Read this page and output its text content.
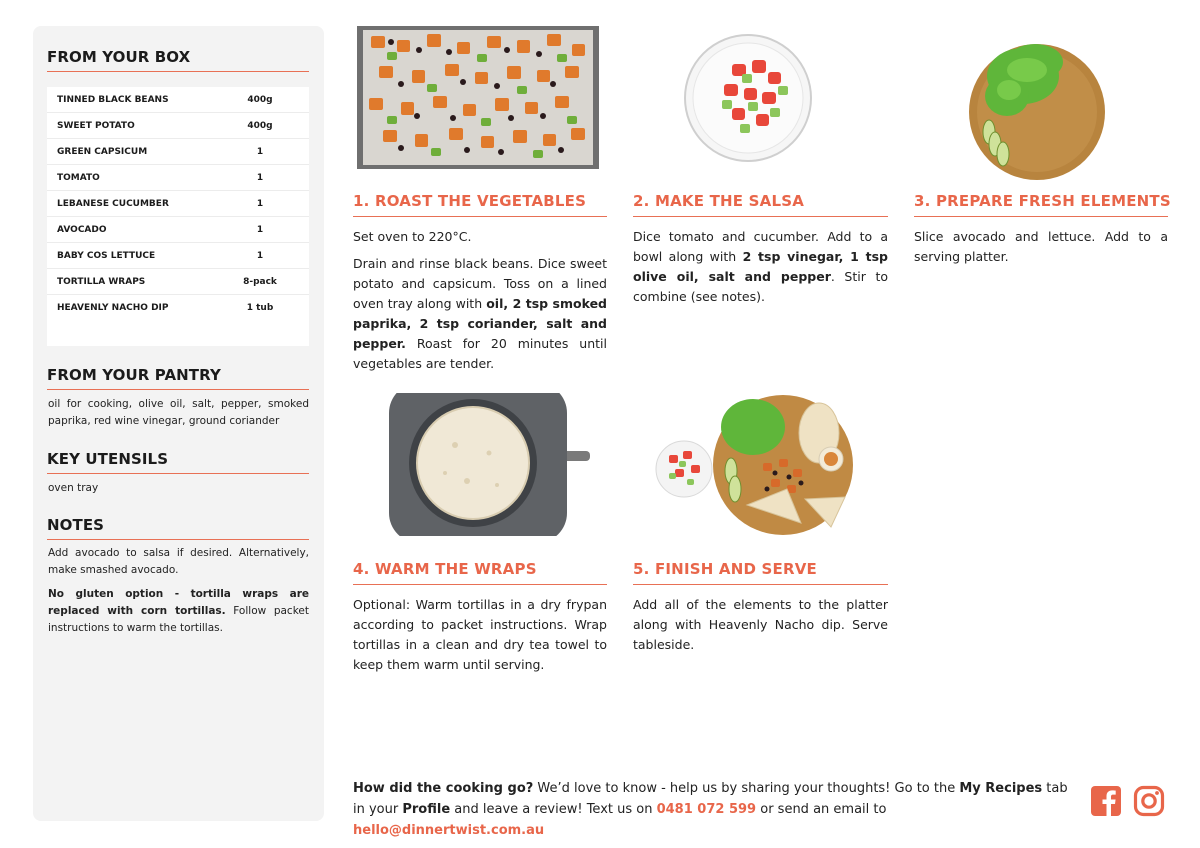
FROM YOUR BOX
TINNED BLACK BEANS	400g
SWEET POTATO	400g
GREEN CAPSICUM	1
TOMATO	1
LEBANESE CUCUMBER	1
AVOCADO	1
BABY COS LETTUCE	1
TORTILLA WRAPS	8-pack
HEAVENLY NACHO DIP	1 tub
FROM YOUR PANTRY
oil for cooking, olive oil, salt, pepper, smoked paprika, red wine vinegar, ground coriander
KEY UTENSILS
oven tray
NOTES
Add avocado to salsa if desired. Alternatively, make smashed avocado.
No gluten option - tortilla wraps are replaced with corn tortillas. Follow packet instructions to warm the tortillas.
1. ROAST THE VEGETABLES

Set oven to 220°C.

Drain and rinse black beans. Dice sweet potato and capsicum. Toss on a lined oven tray along with oil, 2 tsp smoked paprika, 2 tsp coriander, salt and pepper. Roast for 20 minutes until vegetables are tender.

2. MAKE THE SALSA

Dice tomato and cucumber. Add to a bowl along with 2 tsp vinegar, 1 tsp olive oil, salt and pepper. Stir to combine (see notes).

3. PREPARE FRESH ELEMENTS

Slice avocado and lettuce. Add to a serving platter.

4. WARM THE WRAPS

Optional: Warm tortillas in a dry frypan according to packet instructions. Wrap tortillas in a clean and dry tea towel to keep them warm until serving.

5. FINISH AND SERVE

Add all of the elements to the platter along with Heavenly Nacho dip. Serve tableside.

How did the cooking go? We’d love to know - help us by sharing your thoughts! Go to the My Recipes tab in your Profile and leave a review! Text us on 0481 072 599 or send an email to hello@dinnertwist.com.au
